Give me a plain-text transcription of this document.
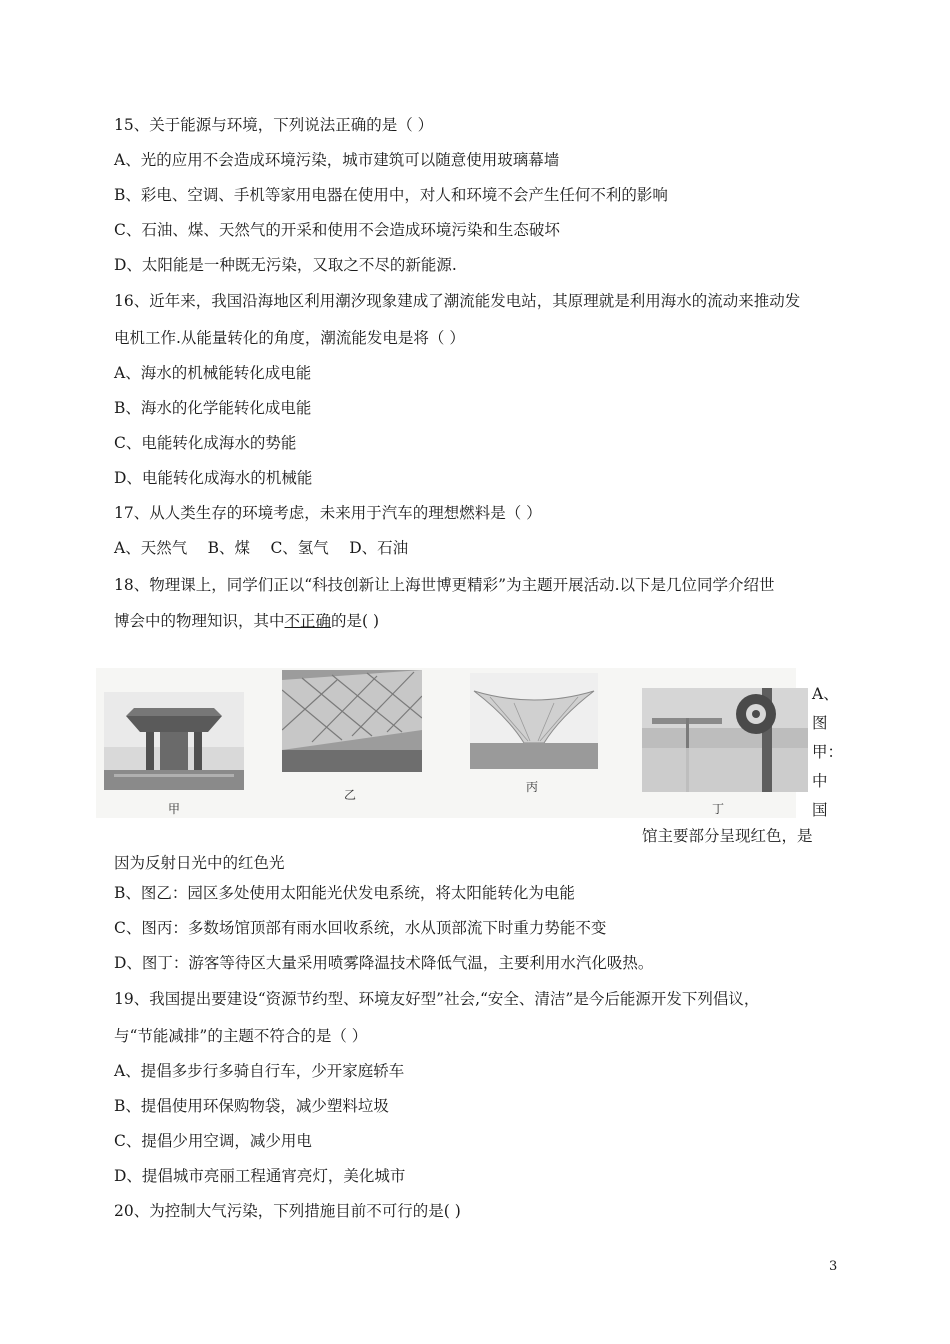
15、关于能源与环境，下列说法正确的是（ ）
A、光的应用不会造成环境污染，城市建筑可以随意使用玻璃幕墙
B、彩电、空调、手机等家用电器在使用中，对人和环境不会产生任何不利的影响
C、石油、煤、天然气的开采和使用不会造成环境污染和生态破坏
D、太阳能是一种既无污染，又取之不尽的新能源.
16、近年来，我国沿海地区利用潮汐现象建成了潮流能发电站，其原理就是利用海水的流动来推动发
电机工作.从能量转化的角度，潮流能发电是将（ ）
A、海水的机械能转化成电能
B、海水的化学能转化成电能
C、电能转化成海水的势能
D、电能转化成海水的机械能
17、从人类生存的环境考虑，未来用于汽车的理想燃料是（ ）
A、天然气　 B、煤　 C、氢气　 D、石油
18、物理课上，同学们正以“科技创新让上海世博更精彩”为主题开展活动.以下是几位同学介绍世
博会中的物理知识，其中不正确的是( )
甲
乙
丙
丁
A、
图
甲：
中
国
馆主要部分呈现红色，是
因为反射日光中的红色光
B、图乙：园区多处使用太阳能光伏发电系统，将太阳能转化为电能
C、图丙：多数场馆顶部有雨水回收系统，水从顶部流下时重力势能不变
D、图丁：游客等待区大量采用喷雾降温技术降低气温，主要利用水汽化吸热。
19、我国提出要建设“资源节约型、环境友好型”社会,“安全、清洁”是今后能源开发下列倡议，
与“节能减排”的主题不符合的是（ ）
A、提倡多步行多骑自行车，少开家庭轿车
B、提倡使用环保购物袋，减少塑料垃圾
C、提倡少用空调，减少用电
D、提倡城市亮丽工程通宵亮灯，美化城市
20、为控制大气污染，下列措施目前不可行的是( )
3
